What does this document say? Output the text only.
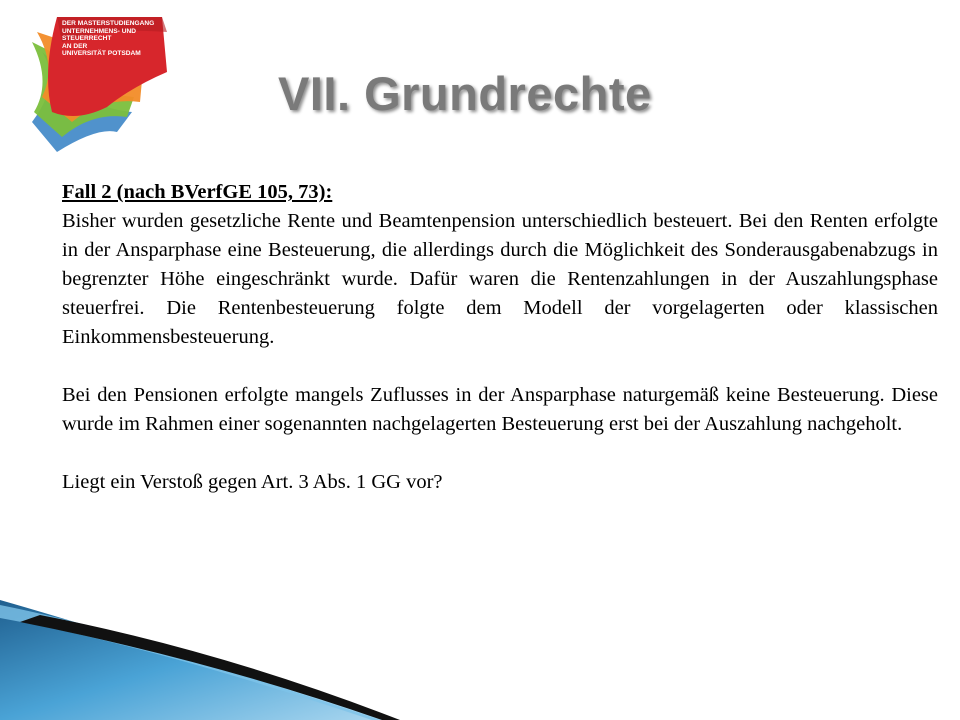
DER MASTERSTUDIENGANG
UNTERNEHMENS- UND
STEUERRECHT
AN DER
UNIVERSITÄT POTSDAM
VII. Grundrechte

Fall 2 (nach BVerfGE 105, 73):

Bisher wurden gesetzliche Rente und Beamtenpension unterschiedlich besteuert. Bei den Renten erfolgte in der Ansparphase eine Besteuerung, die allerdings durch die Möglichkeit des Sonderausgabenabzugs in begrenzter Höhe eingeschränkt wurde. Dafür waren die Rentenzahlungen in der Auszahlungsphase steuerfrei. Die Rentenbesteuerung folgte dem Modell der vorgelagerten oder klassischen Einkommensbesteuerung.

Bei den Pensionen erfolgte mangels Zuflusses in der Ansparphase naturgemäß keine Besteuerung. Diese wurde im Rahmen einer sogenannten nachgelagerten Besteuerung erst bei der Auszahlung nachgeholt.

Liegt ein Verstoß gegen Art. 3 Abs. 1 GG vor?
